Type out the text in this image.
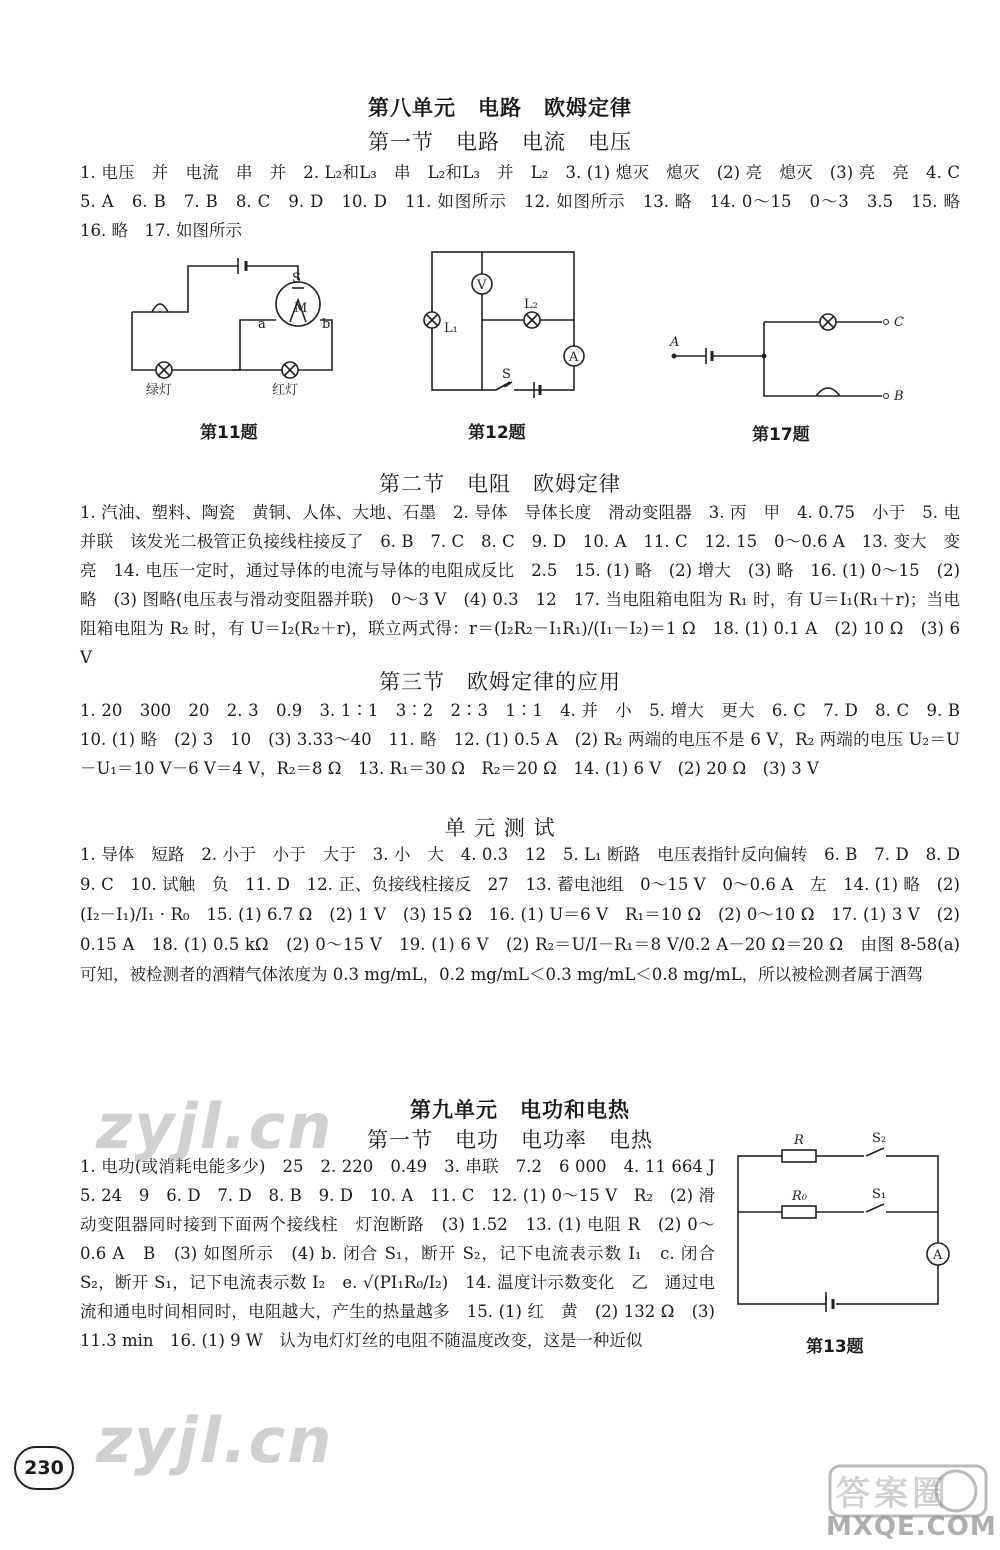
第八单元　电路　欧姆定律
第一节　电路　电流　电压
1. 电压　并　电流　串　并　2. L₂和L₃　串　L₂和L₃　并　L₂　3. (1) 熄灭　熄灭　(2) 亮　熄灭　(3) 亮　亮　4. C　5. A　6. B　7. B　8. C　9. D　10. D　11. 如图所示　12. 如图所示　13. 略　14. 0～15　0～3　3.5　15. 略　16. 略　17. 如图所示
S
a	b
M
绿灯	红灯
第11题
V
A
L₁
L₂
S
第12题
A
C
B
第17题
第二节　电阻　欧姆定律
1. 汽油、塑料、陶瓷　黄铜、人体、大地、石墨　2. 导体　导体长度　滑动变阻器　3. 丙　甲　4. 0.75　小于　5. 电　并联　该发光二极管正负接线柱接反了　6. B　7. C　8. C　9. D　10. A　11. C　12. 15　0～0.6 A　13. 变大　变亮　14. 电压一定时，通过导体的电流与导体的电阻成反比　2.5　15. (1) 略　(2) 增大　(3) 略　16. (1) 0～15　(2) 略　(3) 图略(电压表与滑动变阻器并联)　0～3 V　(4) 0.3　12　17. 当电阻箱电阻为 R₁ 时，有 U＝I₁(R₁＋r)；当电阻箱电阻为 R₂ 时，有 U＝I₂(R₂＋r)，联立两式得：r＝(I₂R₂－I₁R₁)/(I₁－I₂)＝1 Ω　18. (1) 0.1 A　(2) 10 Ω　(3) 6 V
第三节　欧姆定律的应用
1. 20　300　20　2. 3　0.9　3. 1∶1　3∶2　2∶3　1∶1　4. 并　小　5. 增大　更大　6. C　7. D　8. C　9. B　10. (1) 略　(2) 3　10　(3) 3.33～40　11. 略　12. (1) 0.5 A　(2) R₂ 两端的电压不是 6 V，R₂ 两端的电压 U₂＝U－U₁＝10 V－6 V＝4 V，R₂＝8 Ω　13. R₁＝30 Ω　R₂＝20 Ω　14. (1) 6 V　(2) 20 Ω　(3) 3 V
单 元 测 试
1. 导体　短路　2. 小于　小于　大于　3. 小　大　4. 0.3　12　5. L₁ 断路　电压表指针反向偏转　6. B　7. D　8. D　9. C　10. 试触　负　11. D　12. 正、负接线柱接反　27　13. 蓄电池组　0～15 V　0～0.6 A　左　14. (1) 略　(2) (I₂－I₁)/I₁ · R₀　15. (1) 6.7 Ω　(2) 1 V　(3) 15 Ω　16. (1) U＝6 V　R₁＝10 Ω　(2) 0～10 Ω　17. (1) 3 V　(2) 0.15 A　18. (1) 0.5 kΩ　(2) 0～15 V　19. (1) 6 V　(2) R₂＝U/I－R₁＝8 V/0.2 A－20 Ω＝20 Ω　由图 8-58(a) 可知，被检测者的酒精气体浓度为 0.3 mg/mL，0.2 mg/mL＜0.3 mg/mL＜0.8 mg/mL，所以被检测者属于酒驾
第九单元　电功和电热
第一节　电功　电功率　电热
1. 电功(或消耗电能多少)　25　2. 220　0.49　3. 串联　7.2　6 000　4. 11 664 J　5. 24　9　6. D　7. D　8. B　9. D　10. A　11. C　12. (1) 0～15 V　R₂　(2) 滑动变阻器同时接到下面两个接线柱　灯泡断路　(3) 1.52　13. (1) 电阻 R　(2) 0～0.6 A　B　(3) 如图所示　(4) b. 闭合 S₁，断开 S₂，记下电流表示数 I₁　c. 闭合 S₂，断开 S₁，记下电流表示数 I₂　e. √(PI₁R₀/I₂)　14. 温度计示数变化　乙　通过电流和通电时间相同时，电阻越大，产生的热量越多　15. (1) 红　黄　(2) 132 Ω　(3) 11.3 min　16. (1) 9 W　认为电灯灯丝的电阻不随温度改变，这是一种近似
R
R₀
S₂
S₁
A
第13题
zyjl.cn
zyjl.cn
230
答案圈
MXQE.COM
